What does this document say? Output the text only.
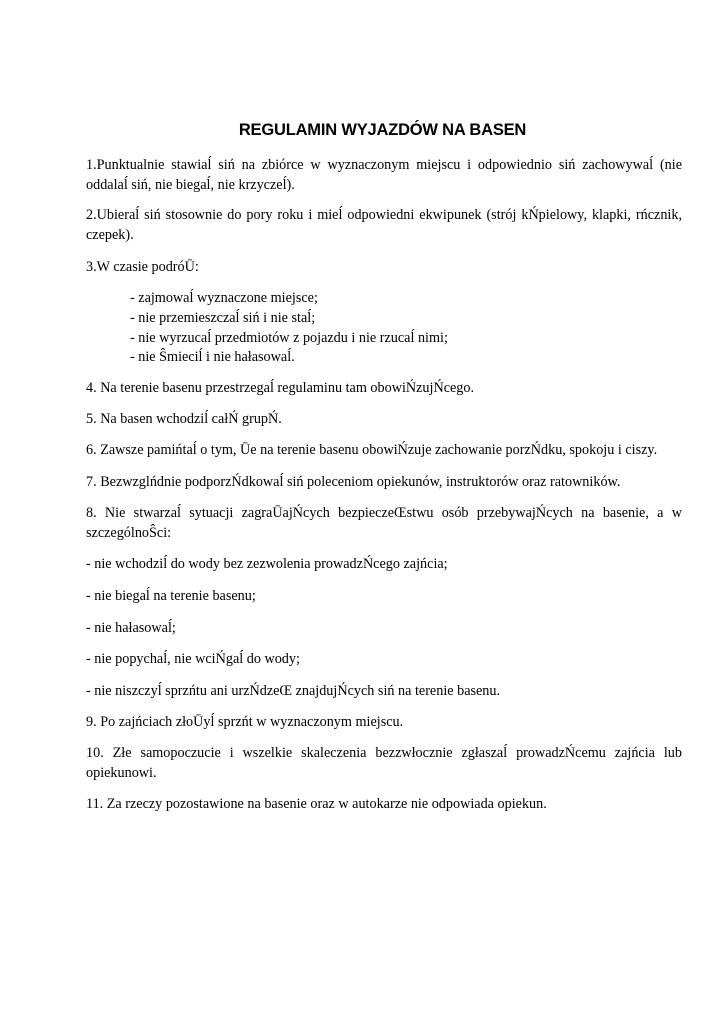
REGULAMIN WYJAZDÓW NA BASEN

1.Punktualnie stawiaĺ siń na zbiórce w wyznaczonym miejscu i odpowiednio siń zachowywaĺ (nie oddalaĺ siń, nie biegaĺ, nie krzyczeĺ).

2.Ubieraĺ siń stosownie do pory roku i mieĺ odpowiedni ekwipunek (strój kŃpielowy, klapki, rńcznik, czepek).

3.W czasie podróŪ:

- zajmowaĺ wyznaczone miejsce;

- nie przemieszczaĺ siń i nie staĺ;

- nie wyrzucaĺ przedmiotów z pojazdu i nie rzucaĺ nimi;

- nie Ŝmieciĺ i nie hałasowaĺ.

4. Na terenie basenu przestrzegaĺ regulaminu tam obowiŃzujŃcego.

5. Na basen wchodziĺ całŃ grupŃ.

6. Zawsze pamińtaĺ o tym, Ūe na terenie basenu obowiŃzuje zachowanie porzŃdku, spokoju i ciszy.

7. Bezwzglńdnie podporzŃdkowaĺ siń poleceniom opiekunów, instruktorów oraz ratowników.

8. Nie stwarzaĺ sytuacji zagraŪajŃcych bezpieczeŒstwu osób przebywajŃcych na basenie, a w szczególnoŜci:

- nie wchodziĺ do wody bez zezwolenia prowadzŃcego zajńcia;

- nie biegaĺ na terenie basenu;

- nie hałasowaĺ;

- nie popychaĺ, nie wciŃgaĺ do wody;

- nie niszczyĺ sprzńtu ani urzŃdzeŒ znajdujŃcych siń na terenie basenu.

9. Po zajńciach złoŪyĺ sprzńt w wyznaczonym miejscu.

10. Złe samopoczucie i wszelkie skaleczenia bezzwłocznie zgłaszaĺ prowadzŃcemu zajńcia lub opiekunowi.

11. Za rzeczy pozostawione na basenie oraz w autokarze nie odpowiada opiekun.
